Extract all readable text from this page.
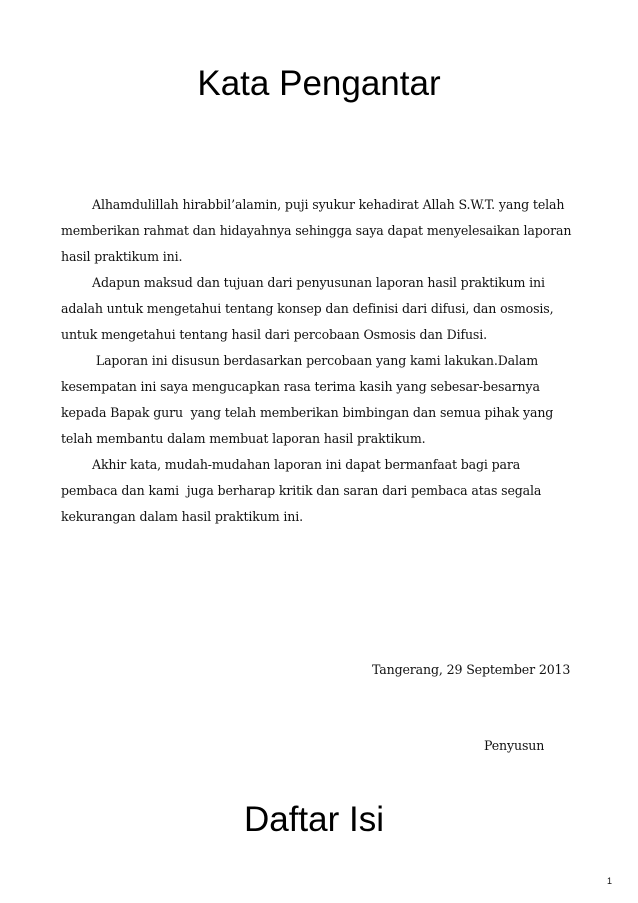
Kata Pengantar

Alhamdulillah hirabbil’alamin, puji syukur kehadirat Allah S.W.T. yang telah

memberikan rahmat dan hidayahnya sehingga saya dapat menyelesaikan laporan

hasil praktikum ini.

Adapun maksud dan tujuan dari penyusunan laporan hasil praktikum ini

adalah untuk mengetahui tentang konsep dan definisi dari difusi, dan osmosis,

untuk mengetahui tentang hasil dari percobaan Osmosis dan Difusi.

Laporan ini disusun berdasarkan percobaan yang kami lakukan.Dalam

kesempatan ini saya mengucapkan rasa terima kasih yang sebesar-besarnya

kepada Bapak guru  yang telah memberikan bimbingan dan semua pihak yang

telah membantu dalam membuat laporan hasil praktikum.

Akhir kata, mudah-mudahan laporan ini dapat bermanfaat bagi para

pembaca dan kami  juga berharap kritik dan saran dari pembaca atas segala

kekurangan dalam hasil praktikum ini.

Tangerang, 29 September 2013

Penyusun

Daftar Isi

1
